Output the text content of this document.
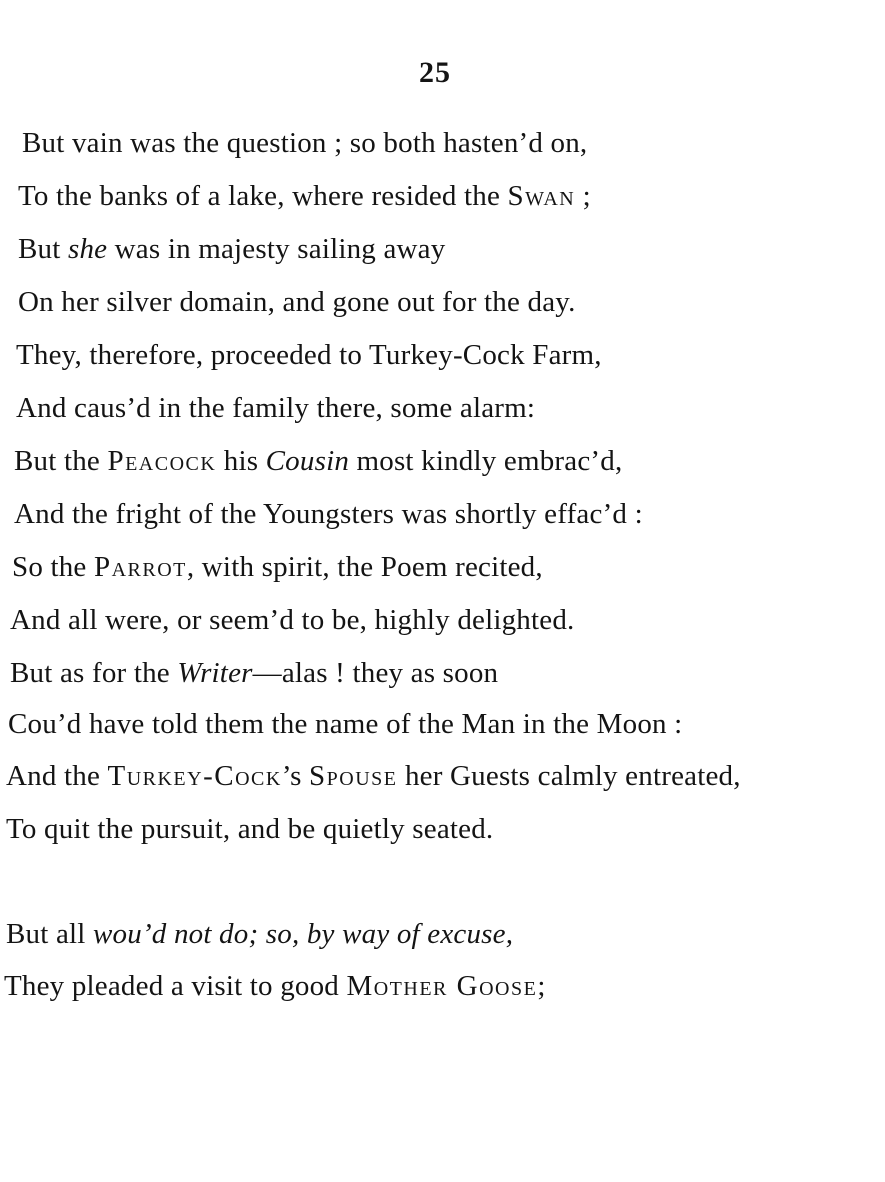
25
But vain was the question ; so both hasten’d on,
To the banks of a lake, where resided the Swan ;
But she was in majesty sailing away
On her silver domain, and gone out for the day.
They, therefore, proceeded to Turkey-Cock Farm,
And caus’d in the family there, some alarm:
But the Peacock his Cousin most kindly embrac’d,
And the fright of the Youngsters was shortly effac’d :
So the Parrot, with spirit, the Poem recited,
And all were, or seem’d to be, highly delighted.
But as for the Writer—alas ! they as soon
Cou’d have told them the name of the Man in the Moon :
And the Turkey-Cock’s Spouse her Guests calmly entreated,
To quit the pursuit, and be quietly seated.
But all wou’d not do; so, by way of excuse,
They pleaded a visit to good Mother Goose;
